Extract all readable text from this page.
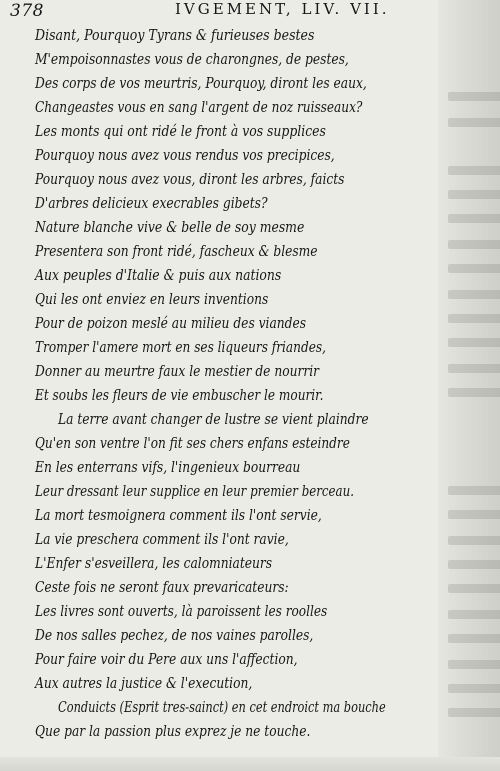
378	IVGEMENT, LIV. VII.
Disant, Pourquoy Tyrans & furieuses bestes
M'empoisonnastes vous de charongnes, de pestes,
Des corps de vos meurtris, Pourquoy, diront les eaux,
Changeastes vous en sang l'argent de noz ruisseaux?
Les monts qui ont ridé le front à vos supplices
Pourquoy nous avez vous rendus vos precipices,
Pourquoy nous avez vous, diront les arbres, faicts
D'arbres delicieux execrables gibets?
Nature blanche vive & belle de soy mesme
Presentera son front ridé, fascheux & blesme
Aux peuples d'Italie & puis aux nations
Qui les ont enviez en leurs inventions
Pour de poizon meslé au milieu des viandes
Tromper l'amere mort en ses liqueurs friandes,
Donner au meurtre faux le mestier de nourrir
Et soubs les fleurs de vie embuscher le mourir.
La terre avant changer de lustre se vient plaindre
Qu'en son ventre l'on fit ses chers enfans esteindre
En les enterrans vifs, l'ingenieux bourreau
Leur dressant leur supplice en leur premier berceau.
La mort tesmoignera comment ils l'ont servie,
La vie preschera comment ils l'ont ravie,
L'Enfer s'esveillera, les calomniateurs
Ceste fois ne seront faux prevaricateurs:
Les livres sont ouverts, là paroissent les roolles
De nos salles pechez, de nos vaines parolles,
Pour faire voir du Pere aux uns l'affection,
Aux autres la justice & l'execution,
Conduicts (Esprit tres-sainct) en cet endroict ma bouche
Que par la passion plus exprez je ne touche.
